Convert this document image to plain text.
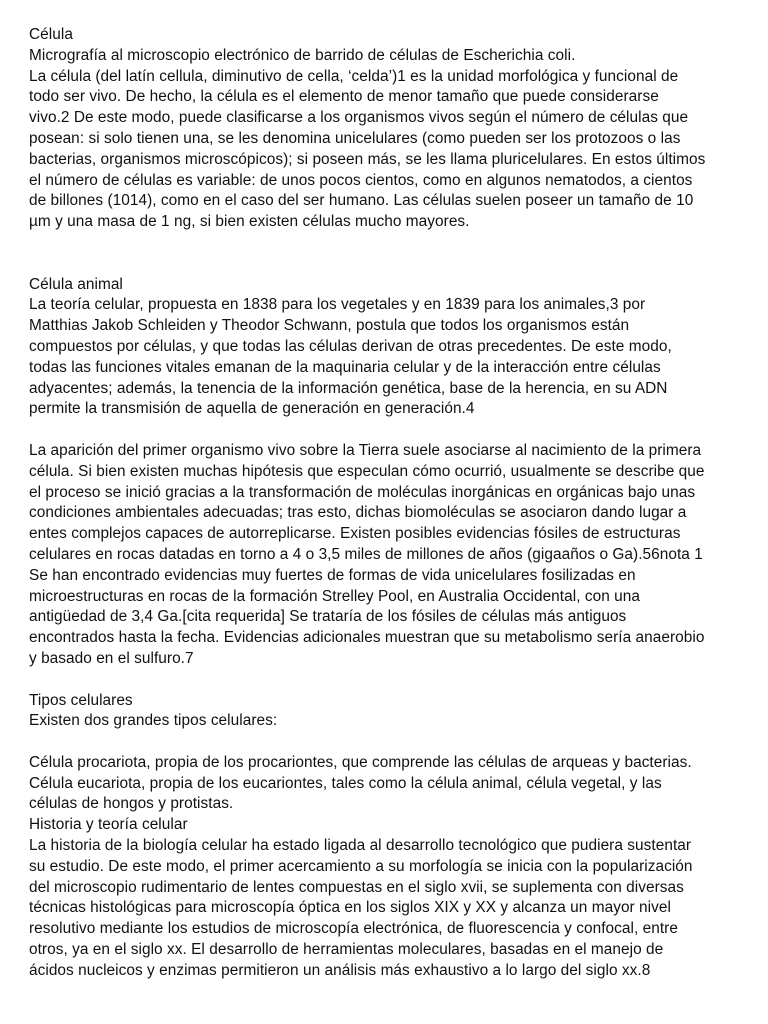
Célula
Micrografía al microscopio electrónico de barrido de células de Escherichia coli.
La célula (del latín cellula, diminutivo de cella, ‘celda’)1 es la unidad morfológica y funcional de
todo ser vivo. De hecho, la célula es el elemento de menor tamaño que puede considerarse
vivo.2 De este modo, puede clasificarse a los organismos vivos según el número de células que
posean: si solo tienen una, se les denomina unicelulares (como pueden ser los protozoos o las
bacterias, organismos microscópicos); si poseen más, se les llama pluricelulares. En estos últimos
el número de células es variable: de unos pocos cientos, como en algunos nematodos, a cientos
de billones (1014), como en el caso del ser humano. Las células suelen poseer un tamaño de 10
µm y una masa de 1 ng, si bien existen células mucho mayores.
Célula animal
La teoría celular, propuesta en 1838 para los vegetales y en 1839 para los animales,3 por
Matthias Jakob Schleiden y Theodor Schwann, postula que todos los organismos están
compuestos por células, y que todas las células derivan de otras precedentes. De este modo,
todas las funciones vitales emanan de la maquinaria celular y de la interacción entre células
adyacentes; además, la tenencia de la información genética, base de la herencia, en su ADN
permite la transmisión de aquella de generación en generación.4
La aparición del primer organismo vivo sobre la Tierra suele asociarse al nacimiento de la primera
célula. Si bien existen muchas hipótesis que especulan cómo ocurrió, usualmente se describe que
el proceso se inició gracias a la transformación de moléculas inorgánicas en orgánicas bajo unas
condiciones ambientales adecuadas; tras esto, dichas biomoléculas se asociaron dando lugar a
entes complejos capaces de autorreplicarse. Existen posibles evidencias fósiles de estructuras
celulares en rocas datadas en torno a 4 o 3,5 miles de millones de años (gigaaños o Ga).56nota 1
Se han encontrado evidencias muy fuertes de formas de vida unicelulares fosilizadas en
microestructuras en rocas de la formación Strelley Pool, en Australia Occidental, con una
antigüedad de 3,4 Ga.[cita requerida] Se trataría de los fósiles de células más antiguos
encontrados hasta la fecha. Evidencias adicionales muestran que su metabolismo sería anaerobio
y basado en el sulfuro.7
Tipos celulares
Existen dos grandes tipos celulares:
Célula procariota, propia de los procariontes, que comprende las células de arqueas y bacterias.
Célula eucariota, propia de los eucariontes, tales como la célula animal, célula vegetal, y las
células de hongos y protistas.
Historia y teoría celular
La historia de la biología celular ha estado ligada al desarrollo tecnológico que pudiera sustentar
su estudio. De este modo, el primer acercamiento a su morfología se inicia con la popularización
del microscopio rudimentario de lentes compuestas en el siglo xvii, se suplementa con diversas
técnicas histológicas para microscopía óptica en los siglos XIX y XX y alcanza un mayor nivel
resolutivo mediante los estudios de microscopía electrónica, de fluorescencia y confocal, entre
otros, ya en el siglo xx. El desarrollo de herramientas moleculares, basadas en el manejo de
ácidos nucleicos y enzimas permitieron un análisis más exhaustivo a lo largo del siglo xx.8
